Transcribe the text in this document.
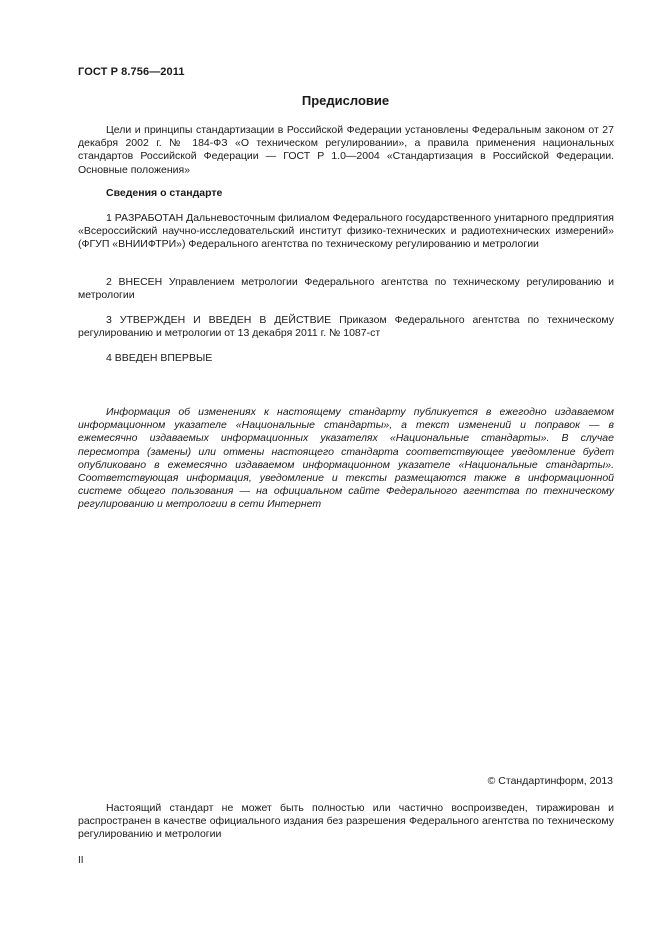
ГОСТ Р 8.756—2011
Предисловие

Цели и принципы стандартизации в Российской Федерации установлены Федеральным законом от 27 декабря 2002 г. № 184-ФЗ «О техническом регулировании», а правила применения национальных стандартов Российской Федерации — ГОСТ Р 1.0—2004 «Стандартизация в Российской Федерации. Основные положения»

Сведения о стандарте

1 РАЗРАБОТАН Дальневосточным филиалом Федерального государственного унитарного предприятия «Всероссийский научно-исследовательский институт физико-технических и радиотехнических измерений» (ФГУП «ВНИИФТРИ») Федерального агентства по техническому регулированию и метрологии

2 ВНЕСЕН Управлением метрологии Федерального агентства по техническому регулированию и метрологии

3 УТВЕРЖДЕН И ВВЕДЕН В ДЕЙСТВИЕ Приказом Федерального агентства по техническому регулированию и метрологии от 13 декабря 2011 г. № 1087-ст

4 ВВЕДЕН ВПЕРВЫЕ

Информация об изменениях к настоящему стандарту публикуется в ежегодно издаваемом информационном указателе «Национальные стандарты», а текст изменений и поправок — в ежемесячно издаваемых информационных указателях «Национальные стандарты». В случае пересмотра (замены) или отмены настоящего стандарта соответствующее уведомление будет опубликовано в ежемесячно издаваемом информационном указателе «Национальные стандарты». Соответствующая информация, уведомление и тексты размещаются также в информационной системе общего пользования — на официальном сайте Федерального агентства по техническому регулированию и метрологии в сети Интернет

© Стандартинформ, 2013

Настоящий стандарт не может быть полностью или частично воспроизведен, тиражирован и распространен в качестве официального издания без разрешения Федерального агентства по техническому регулированию и метрологии

II
